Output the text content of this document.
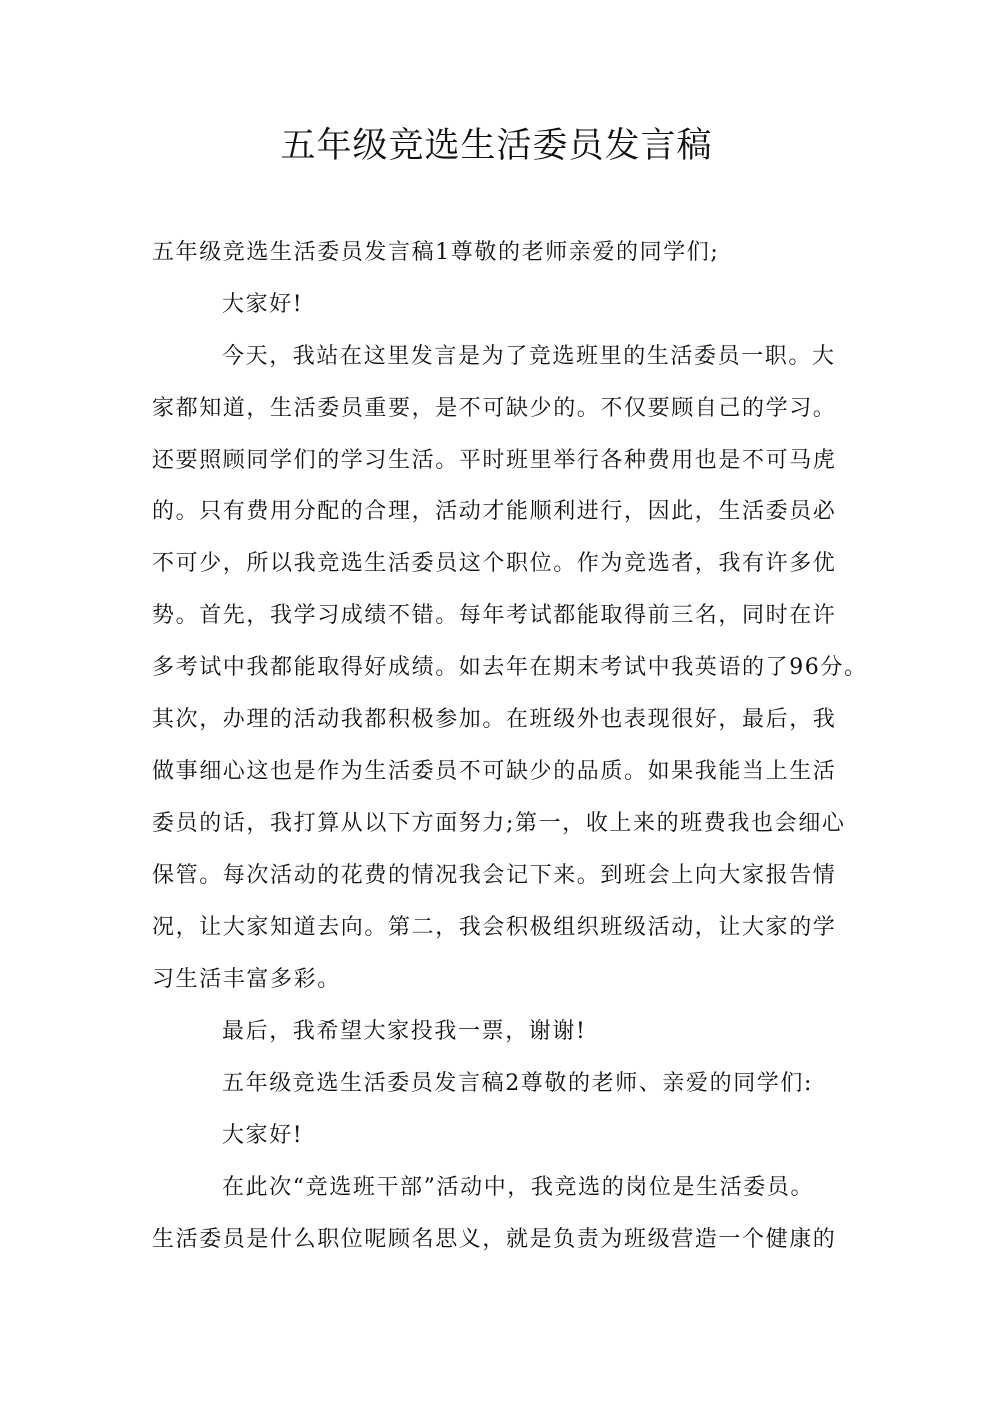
五年级竞选生活委员发言稿
五年级竞选生活委员发言稿1尊敬的老师亲爱的同学们;
大家好!
今天，我站在这里发言是为了竞选班里的生活委员一职。大
家都知道，生活委员重要，是不可缺少的。不仅要顾自己的学习。
还要照顾同学们的学习生活。平时班里举行各种费用也是不可马虎
的。只有费用分配的合理，活动才能顺利进行，因此，生活委员必
不可少，所以我竞选生活委员这个职位。作为竞选者，我有许多优
势。首先，我学习成绩不错。每年考试都能取得前三名，同时在许
多考试中我都能取得好成绩。如去年在期末考试中我英语的了96分。
其次，办理的活动我都积极参加。在班级外也表现很好，最后，我
做事细心这也是作为生活委员不可缺少的品质。如果我能当上生活
委员的话，我打算从以下方面努力;第一，收上来的班费我也会细心
保管。每次活动的花费的情况我会记下来。到班会上向大家报告情
况，让大家知道去向。第二，我会积极组织班级活动，让大家的学
习生活丰富多彩。
最后，我希望大家投我一票，谢谢!
五年级竞选生活委员发言稿2尊敬的老师、亲爱的同学们:
大家好!
在此次“竞选班干部”活动中，我竞选的岗位是生活委员。
生活委员是什么职位呢顾名思义，就是负责为班级营造一个健康的
